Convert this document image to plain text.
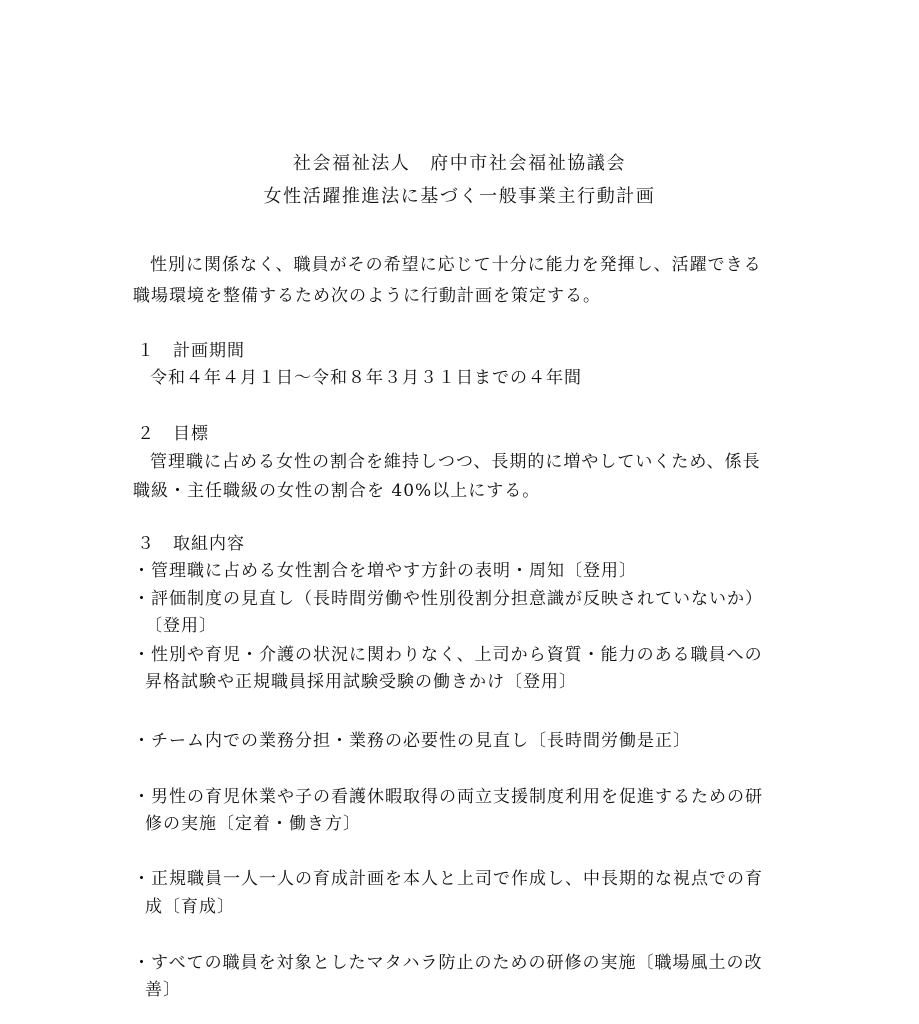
社会福祉法人　府中市社会福祉協議会
女性活躍推進法に基づく一般事業主行動計画
性別に関係なく、職員がその希望に応じて十分に能力を発揮し、活躍できる
職場環境を整備するため次のように行動計画を策定する。
１　計画期間
令和４年４月１日～令和８年３月３１日までの４年間
２　目標
管理職に占める女性の割合を維持しつつ、長期的に増やしていくため、係長
職級・主任職級の女性の割合を 40%以上にする。
３　取組内容
・管理職に占める女性割合を増やす方針の表明・周知〔登用〕
・評価制度の見直し（長時間労働や性別役割分担意識が反映されていないか）
〔登用〕
・性別や育児・介護の状況に関わりなく、上司から資質・能力のある職員への
昇格試験や正規職員採用試験受験の働きかけ〔登用〕
・チーム内での業務分担・業務の必要性の見直し〔長時間労働是正〕
・男性の育児休業や子の看護休暇取得の両立支援制度利用を促進するための研
修の実施〔定着・働き方〕
・正規職員一人一人の育成計画を本人と上司で作成し、中長期的な視点での育
成〔育成〕
・すべての職員を対象としたマタハラ防止のための研修の実施〔職場風土の改
善〕
